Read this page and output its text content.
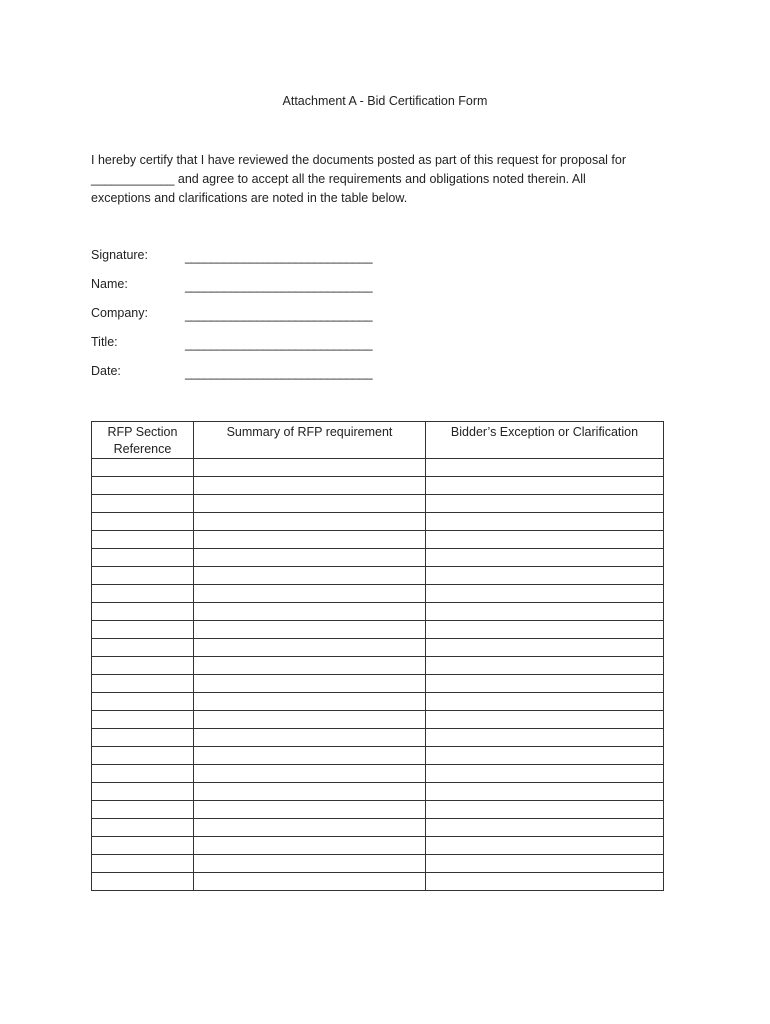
Attachment A - Bid Certification Form
I hereby certify that I have reviewed the documents posted as part of this request for proposal for
____________ and agree to accept all the requirements and obligations noted therein. All
exceptions and clarifications are noted in the table below.
Signature:	_____________________________
Name:	_____________________________
Company:	_____________________________
Title:	_____________________________
Date:	_____________________________
RFP Section Reference	Summary of RFP requirement	Bidder’s Exception or Clarification
